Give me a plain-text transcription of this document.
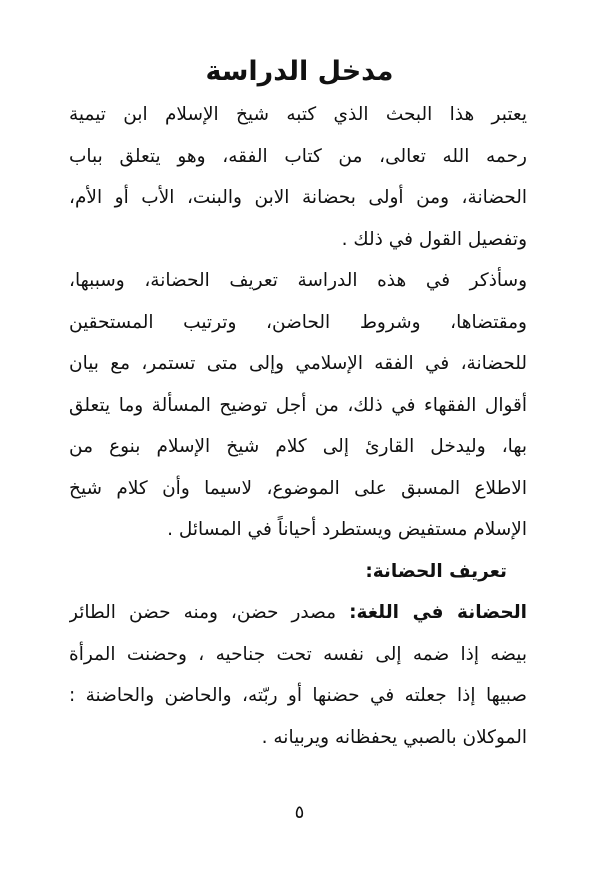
مدخل الدراسة
يعتبر هذا البحث الذي كتبه شيخ الإسلام ابن تيمية
رحمه الله تعالى، من كتاب الفقه، وهو يتعلق بباب
الحضانة، ومن أولى بحضانة الابن والبنت، الأب أو الأم،
وتفصيل القول في ذلك .
وسأذكر في هذه الدراسة تعريف الحضانة، وسببها،
ومقتضاها، وشروط الحاضن، وترتيب المستحقين
للحضانة، في الفقه الإسلامي وإلى متى تستمر، مع بيان
أقوال الفقهاء في ذلك، من أجل توضيح المسألة وما يتعلق
بها، وليدخل القارئ إلى كلام شيخ الإسلام بنوع من
الاطلاع المسبق على الموضوع، لاسيما وأن كلام شيخ
الإسلام مستفيض ويستطرد أحياناً في المسائل .
تعريف الحضانة:
الحضانة في اللغة: مصدر حضن، ومنه حضن الطائر
بيضه إذا ضمه إلى نفسه تحت جناحيه ، وحضنت المرأة
صبيها إذا جعلته في حضنها أو ربّته، والحاضن والحاضنة :
الموكلان بالصبي يحفظانه ويربيانه .
٥
